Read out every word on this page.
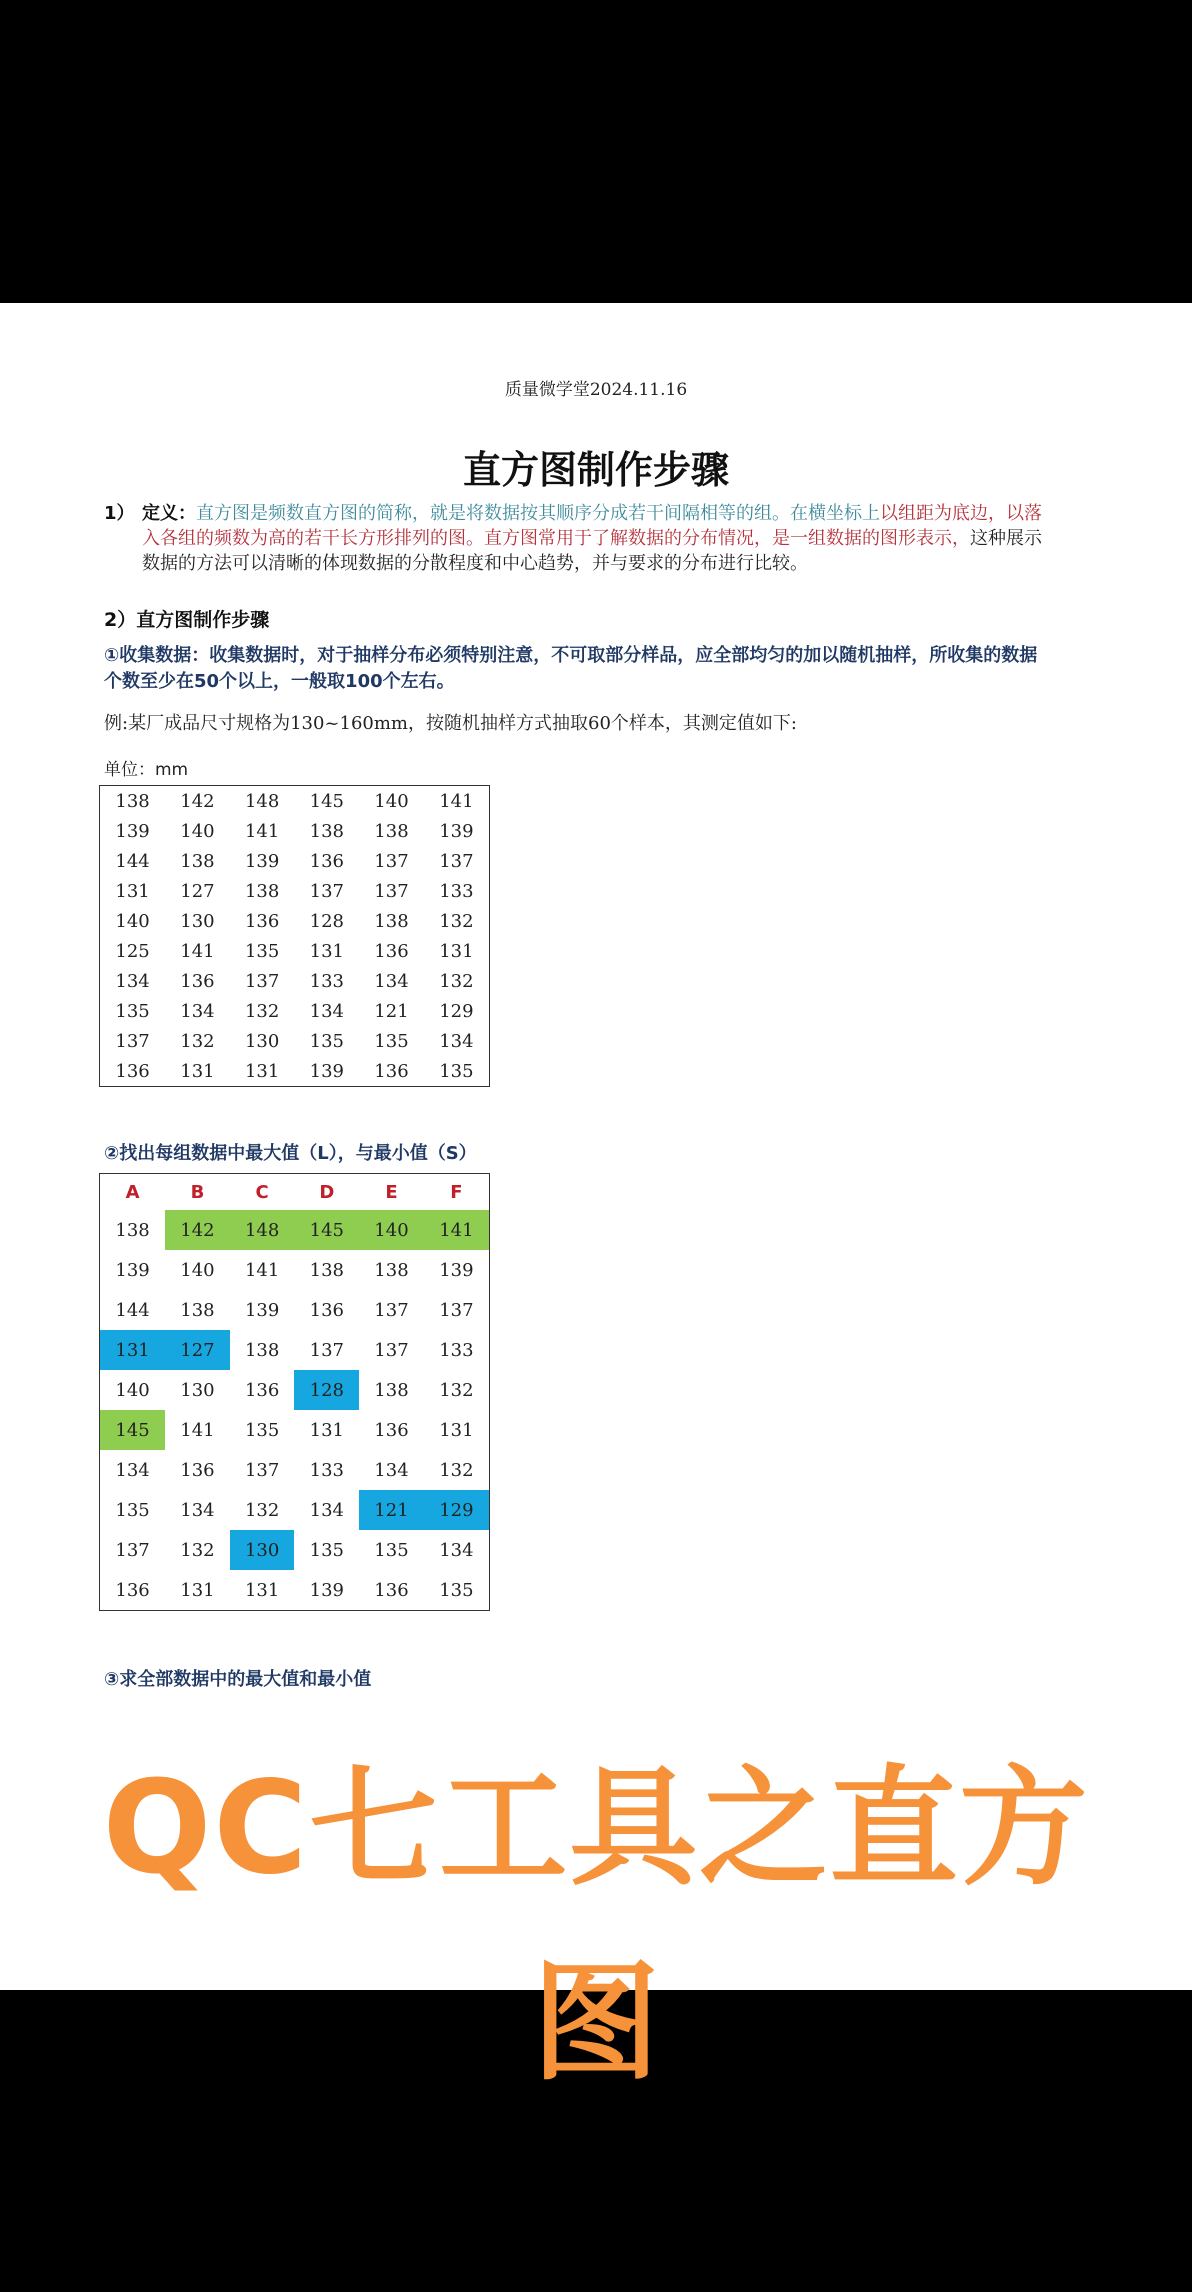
质量微学堂2024.11.16
直方图制作步骤
1） 定义：直方图是频数直方图的简称，就是将数据按其顺序分成若干间隔相等的组。在横坐标上以组距为底边，以落入各组的频数为高的若干长方形排列的图。直方图常用于了解数据的分布情况，是一组数据的图形表示，这种展示数据的方法可以清晰的体现数据的分散程度和中心趋势，并与要求的分布进行比较。
2）直方图制作步骤
①收集数据：收集数据时，对于抽样分布必须特别注意，不可取部分样品，应全部均匀的加以随机抽样，所收集的数据个数至少在50个以上，一般取100个左右。
例:某厂成品尺寸规格为130~160mm，按随机抽样方式抽取60个样本，其测定值如下:
单位：mm
138	142	148	145	140	141
139	140	141	138	138	139
144	138	139	136	137	137
131	127	138	137	137	133
140	130	136	128	138	132
125	141	135	131	136	131
134	136	137	133	134	132
135	134	132	134	121	129
137	132	130	135	135	134
136	131	131	139	136	135
②找出每组数据中最大值（L），与最小值（S）
A	B	C	D	E	F
138	142	148	145	140	141
139	140	141	138	138	139
144	138	139	136	137	137
131	127	138	137	137	133
140	130	136	128	138	132
145	141	135	131	136	131
134	136	137	133	134	132
135	134	132	134	121	129
137	132	130	135	135	134
136	131	131	139	136	135
③求全部数据中的最大值和最小值
QC七工具之直方
图
